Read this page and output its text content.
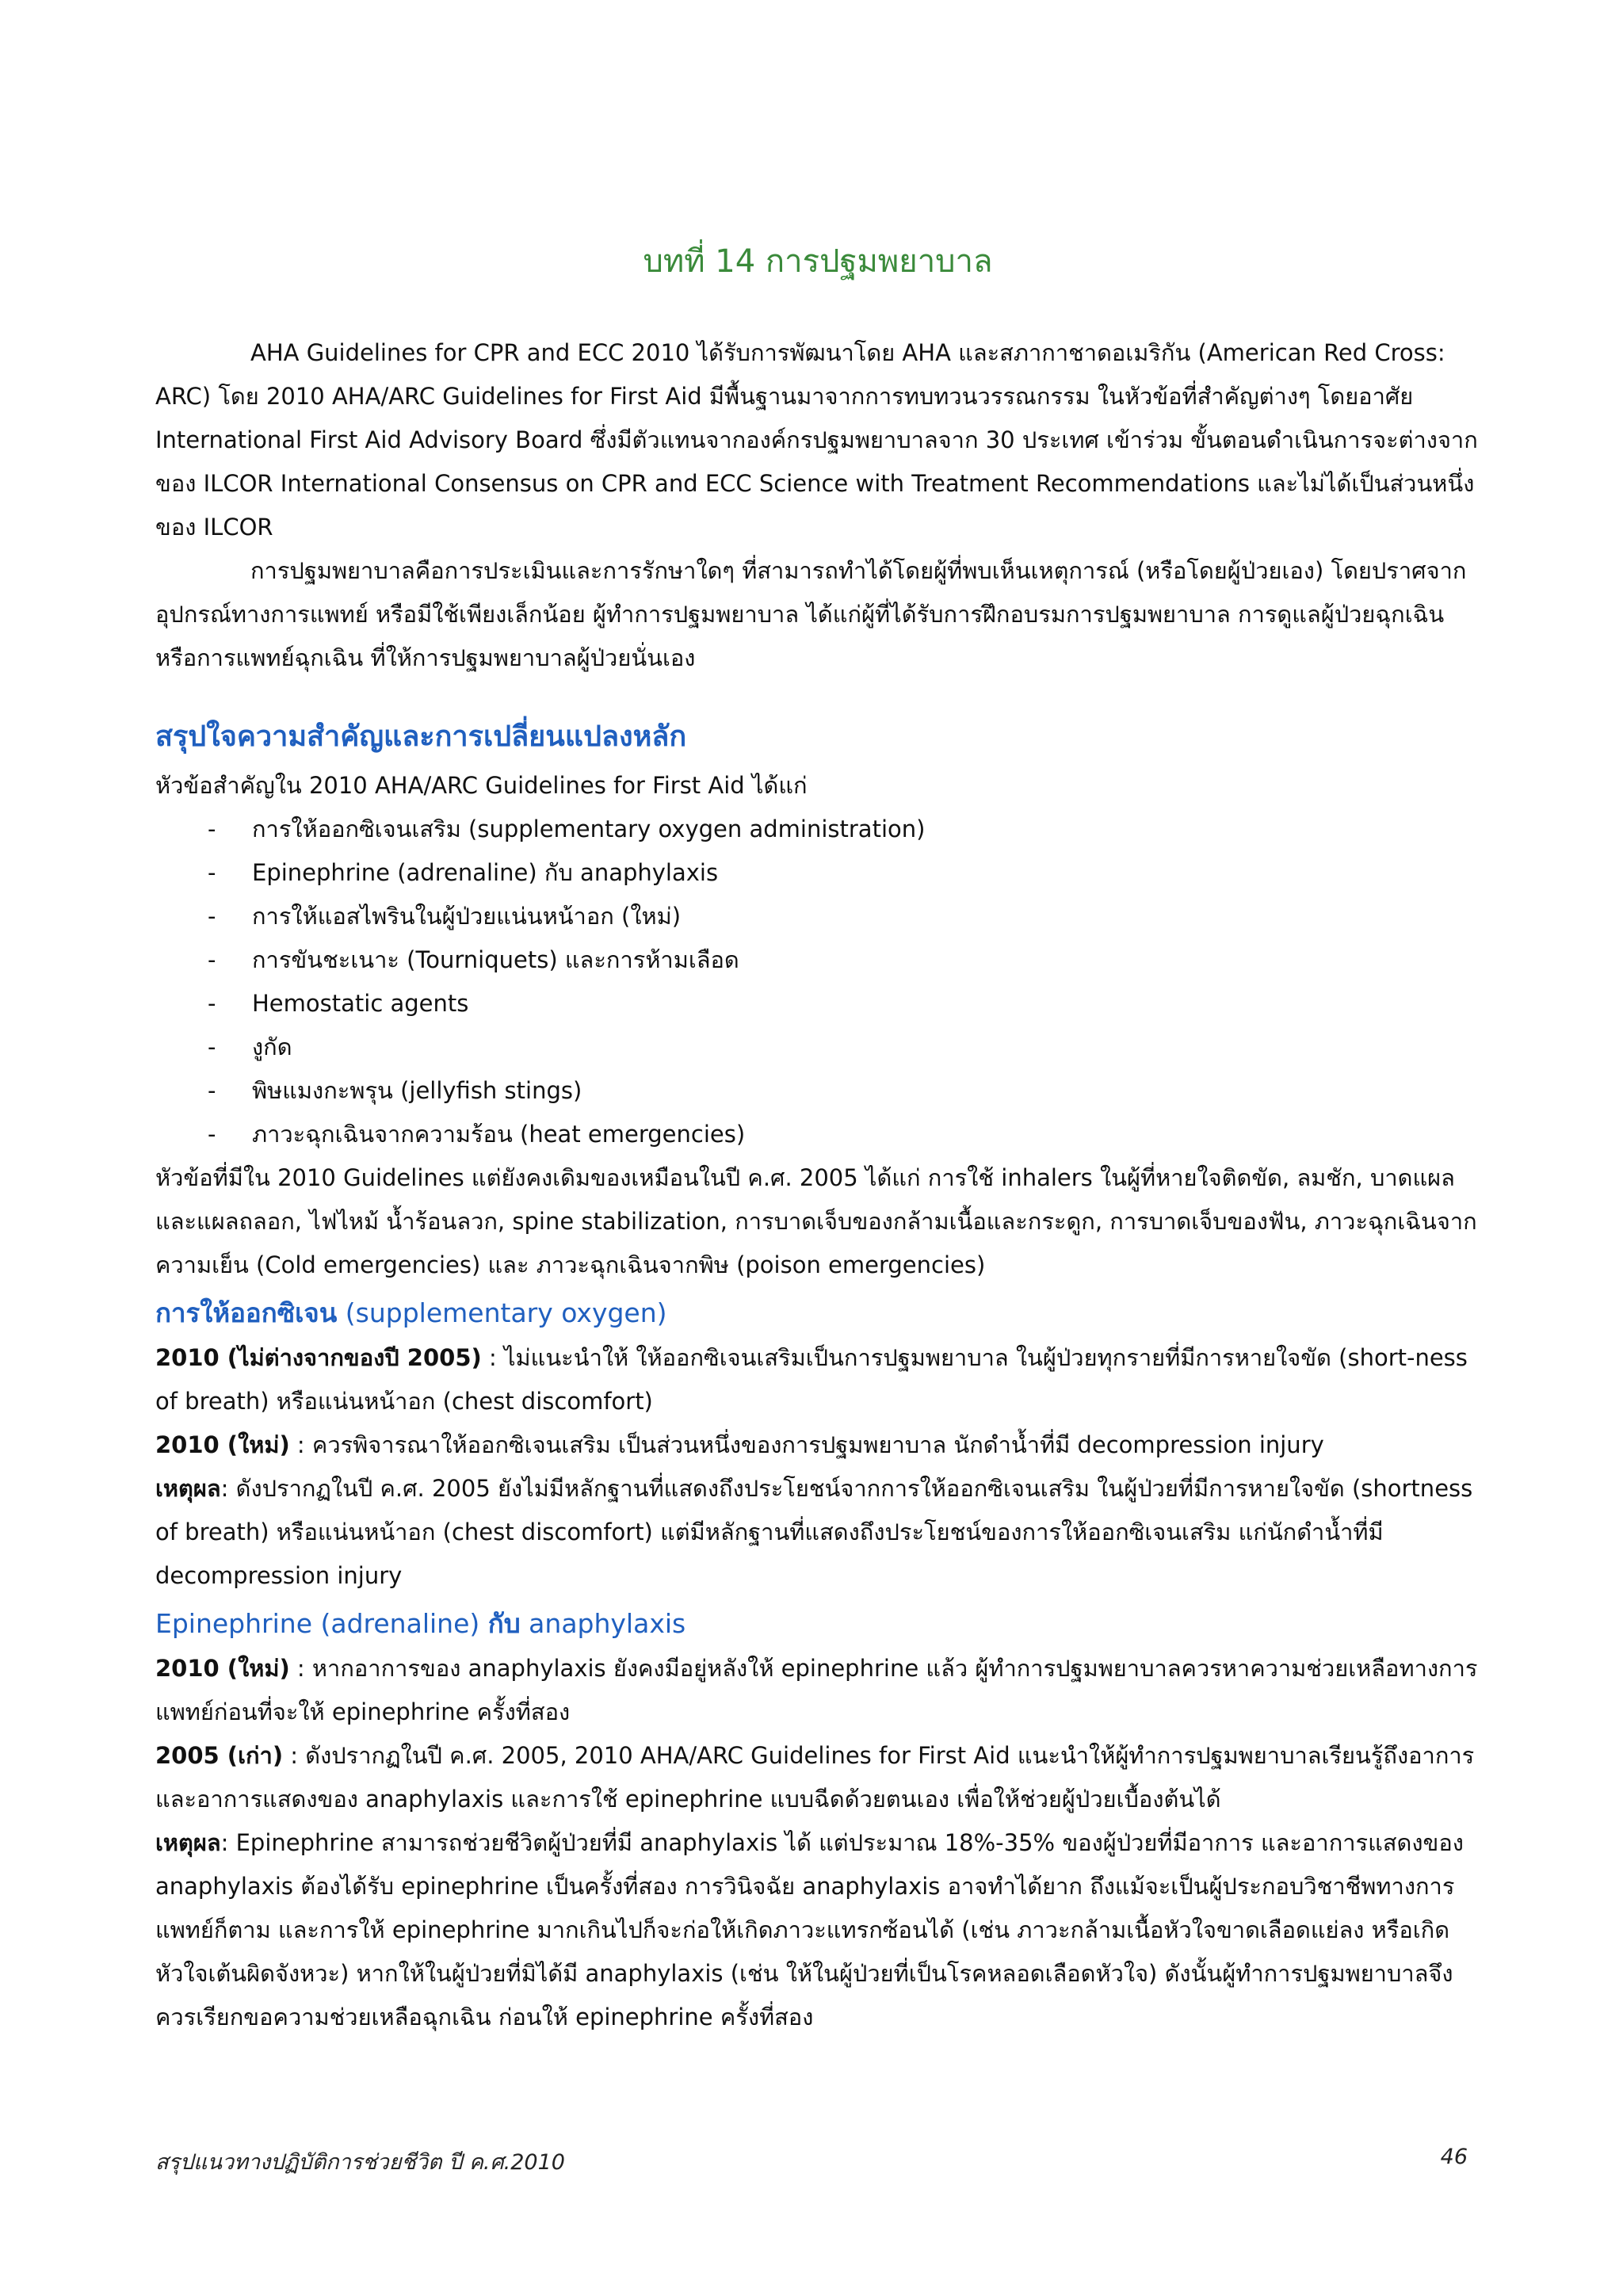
บทที่ 14 การปฐมพยาบาล

AHA Guidelines for CPR and ECC 2010 ได้รับการพัฒนาโดย AHA และสภากาชาดอเมริกัน (American Red Cross: ARC) โดย 2010 AHA/ARC Guidelines for First Aid มีพื้นฐานมาจากการทบทวนวรรณกรรม ในหัวข้อที่สำคัญต่างๆ โดยอาศัย International First Aid Advisory Board ซึ่งมีตัวแทนจากองค์กรปฐมพยาบาลจาก 30 ประเทศ เข้าร่วม ขั้นตอนดำเนินการจะต่างจากของ ILCOR International Consensus on CPR and ECC Science with Treatment Recommendations และไม่ได้เป็นส่วนหนึ่งของ ILCOR

การปฐมพยาบาลคือการประเมินและการรักษาใดๆ ที่สามารถทำได้โดยผู้ที่พบเห็นเหตุการณ์ (หรือโดยผู้ป่วยเอง) โดยปราศจากอุปกรณ์ทางการแพทย์ หรือมีใช้เพียงเล็กน้อย ผู้ทำการปฐมพยาบาล ได้แก่ผู้ที่ได้รับการฝึกอบรมการปฐมพยาบาล การดูแลผู้ป่วยฉุกเฉิน หรือการแพทย์ฉุกเฉิน ที่ให้การปฐมพยาบาลผู้ป่วยนั่นเอง

สรุปใจความสำคัญและการเปลี่ยนแปลงหลัก

หัวข้อสำคัญใน 2010 AHA/ARC Guidelines for First Aid ได้แก่

- การให้ออกซิเจนเสริม (supplementary oxygen administration)
- Epinephrine (adrenaline) กับ anaphylaxis
- การให้แอสไพรินในผู้ป่วยแน่นหน้าอก (ใหม่)
- การขันชะเนาะ (Tourniquets) และการห้ามเลือด
- Hemostatic agents
- งูกัด
- พิษแมงกะพรุน (jellyfish stings)
- ภาวะฉุกเฉินจากความร้อน (heat emergencies)

หัวข้อที่มีใน 2010 Guidelines แต่ยังคงเดิมของเหมือนในปี ค.ศ. 2005 ได้แก่ การใช้ inhalers ในผู้ที่หายใจติดขัด, ลมชัก, บาดแผล และแผลถลอก, ไฟไหม้ น้ำร้อนลวก, spine stabilization, การบาดเจ็บของกล้ามเนื้อและกระดูก, การบาดเจ็บของฟัน, ภาวะฉุกเฉินจากความเย็น (Cold emergencies) และ ภาวะฉุกเฉินจากพิษ (poison emergencies)

การให้ออกซิเจน (supplementary oxygen)

2010 (ไม่ต่างจากของปี 2005) : ไม่แนะนำให้ ให้ออกซิเจนเสริมเป็นการปฐมพยาบาล ในผู้ป่วยทุกรายที่มีการหายใจขัด (short-ness of breath) หรือแน่นหน้าอก (chest discomfort)

2010 (ใหม่) : ควรพิจารณาให้ออกซิเจนเสริม เป็นส่วนหนึ่งของการปฐมพยาบาล นักดำน้ำที่มี decompression injury

เหตุผล: ดังปรากฏในปี ค.ศ. 2005 ยังไม่มีหลักฐานที่แสดงถึงประโยชน์จากการให้ออกซิเจนเสริม ในผู้ป่วยที่มีการหายใจขัด (shortness of breath) หรือแน่นหน้าอก (chest discomfort) แต่มีหลักฐานที่แสดงถึงประโยชน์ของการให้ออกซิเจนเสริม แก่นักดำน้ำที่มี decompression injury

Epinephrine (adrenaline) กับ anaphylaxis

2010 (ใหม่) : หากอาการของ anaphylaxis ยังคงมีอยู่หลังให้ epinephrine แล้ว ผู้ทำการปฐมพยาบาลควรหาความช่วยเหลือทางการแพทย์ก่อนที่จะให้ epinephrine ครั้งที่สอง

2005 (เก่า) : ดังปรากฏในปี ค.ศ. 2005, 2010 AHA/ARC Guidelines for First Aid แนะนำให้ผู้ทำการปฐมพยาบาลเรียนรู้ถึงอาการ และอาการแสดงของ anaphylaxis และการใช้ epinephrine แบบฉีดด้วยตนเอง เพื่อให้ช่วยผู้ป่วยเบื้องต้นได้

เหตุผล: Epinephrine สามารถช่วยชีวิตผู้ป่วยที่มี anaphylaxis ได้ แต่ประมาณ 18%-35% ของผู้ป่วยที่มีอาการ และอาการแสดงของ anaphylaxis ต้องได้รับ epinephrine เป็นครั้งที่สอง การวินิจฉัย anaphylaxis อาจทำได้ยาก ถึงแม้จะเป็นผู้ประกอบวิชาชีพทางการแพทย์ก็ตาม และการให้ epinephrine มากเกินไปก็จะก่อให้เกิดภาวะแทรกซ้อนได้ (เช่น ภาวะกล้ามเนื้อหัวใจขาดเลือดแย่ลง หรือเกิดหัวใจเต้นผิดจังหวะ) หากให้ในผู้ป่วยที่มิได้มี anaphylaxis (เช่น ให้ในผู้ป่วยที่เป็นโรคหลอดเลือดหัวใจ) ดังนั้นผู้ทำการปฐมพยาบาลจึงควรเรียกขอความช่วยเหลือฉุกเฉิน ก่อนให้ epinephrine ครั้งที่สอง

สรุปแนวทางปฏิบัติการช่วยชีวิต ปี ค.ศ.2010	46
